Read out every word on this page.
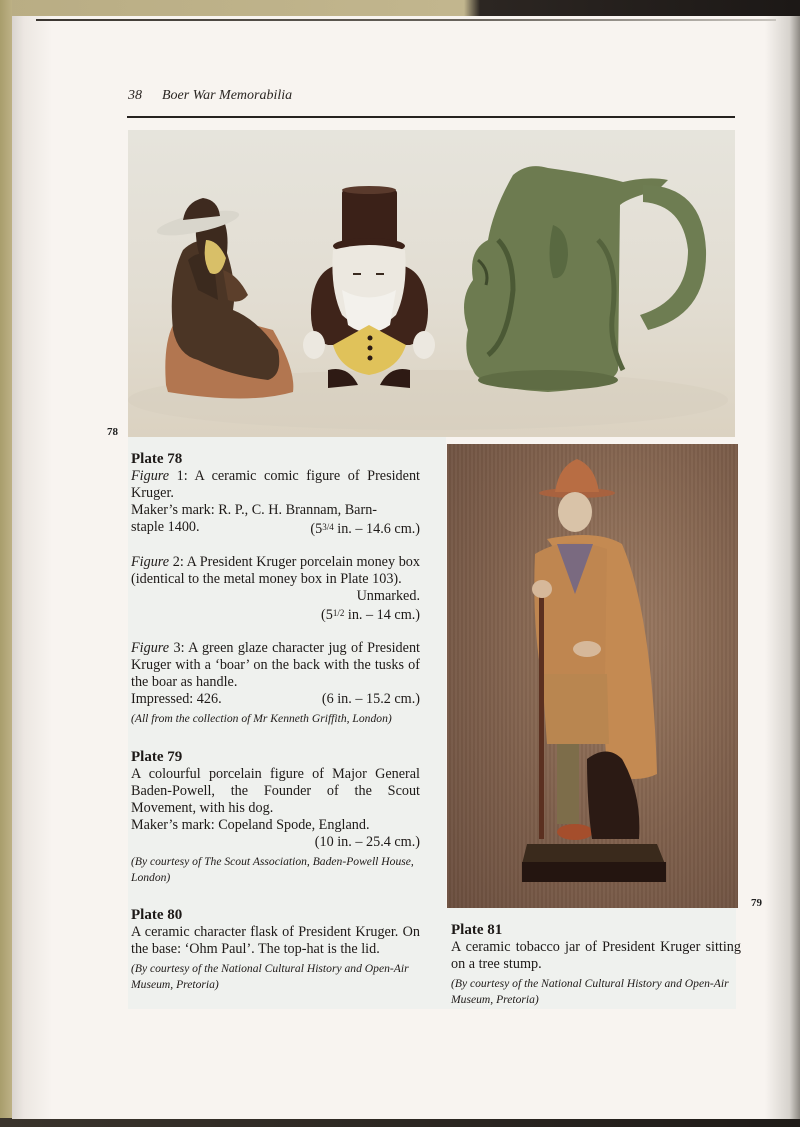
38 Boer War Memorabilia
78
79
Plate 78
Figure 1: A ceramic comic figure of President Kruger.
Maker’s mark: R. P., C. H. Brannam, Barn-
staple 1400.	($5^{3/4}$ in. – 14.6 cm.)
Figure 2: A President Kruger porcelain money box (identical to the metal money box in Plate 103).
Unmarked.
($5^{1/2}$ in. – 14 cm.)
Figure 3: A green glaze character jug of President Kruger with a ‘boar’ on the back with the tusks of the boar as handle.
Impressed: 426.	(6 in. – 15.2 cm.)
(All from the collection of Mr Kenneth Griffith, London)
Plate 79
A colourful porcelain figure of Major General Baden-Powell, the Founder of the Scout Movement, with his dog.
Maker’s mark: Copeland Spode, England.
(10 in. – 25.4 cm.)
(By courtesy of The Scout Association, Baden-Powell House, London)
Plate 80
A ceramic character flask of President Kruger. On the base: ‘Ohm Paul’. The top-hat is the lid.
(By courtesy of the National Cultural History and Open-Air Museum, Pretoria)
Plate 81
A ceramic tobacco jar of President Kruger sitting on a tree stump.
(By courtesy of the National Cultural History and Open-Air Museum, Pretoria)
